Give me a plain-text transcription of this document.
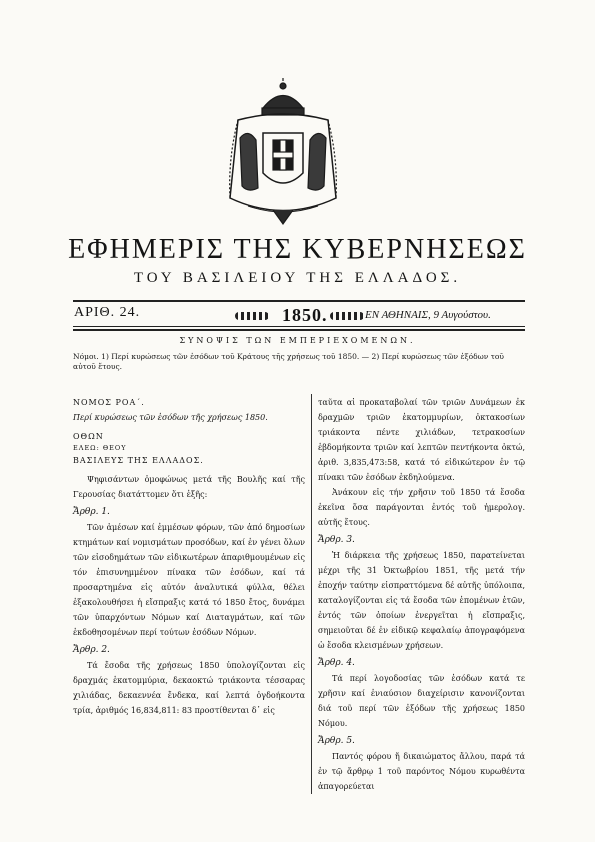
ΕΦΗΜΕΡΙΣ ΤΗΣ ΚΥΒΕΡΝΗΣΕΩΣ
ΤΟΥ ΒΑΣΙΛΕΙΟΥ ΤΗΣ ΕΛΛΑΔΟΣ.
ΑΡΙΘ. 24.	1850.	ΕΝ ΑΘΗΝΑΙΣ, 9 Αυγούστου.
ΣΥΝΟΨΙΣ ΤΩΝ ΕΜΠΕΡΙΕΧΟΜΕΝΩΝ.
Νόμοι. 1) Περί κυρώσεως τῶν ἐσόδων τοῦ Κράτους τῆς χρήσεως τοῦ 1850. — 2) Περί κυρώσεως τῶν ἐξόδων τοῦ αὐτοῦ ἔτους.

ΝΟΜΟΣ ΡΟΑ΄.

Περί κυρώσεως τῶν ἐσόδων τῆς χρήσεως 1850.

ΟΘΩΝ

ΕΛΕΩ: ΘΕΟΥ

ΒΑΣΙΛΕΥΣ ΤΗΣ ΕΛΛΑΔΟΣ.

Ψηφισάντων ὁμοφώνως μετά τῆς Βουλῆς καί τῆς Γερουσίας διατάττομεν ὅτι ἑξῆς:

Ἄρθρ. 1.

Τῶν ἀμέσων καί ἐμμέσων φόρων, τῶν ἀπό δημοσίων κτημάτων καί νομισμάτων προσόδων, καί ἐν γένει ὅλων τῶν εἰσοδημάτων τῶν εἰδικωτέρων ἀπαριθμουμένων εἰς τόν ἐπισυνημμένον πίνακα τῶν ἐσόδων, καί τά προσαρτημένα εἰς αὐτόν ἀναλυτικά φύλλα, θέλει ἐξακολουθήσει ἡ εἴσπραξις κατά τό 1850 ἔτος, δυνάμει τῶν ὑπαρχόντων Νόμων καί Διαταγμάτων, καί τῶν ἐκδοθησομένων περί τούτων ἐσόδων Νόμων.

Ἄρθρ. 2.

Τά ἔσοδα τῆς χρήσεως 1850 ὑπολογίζονται εἰς δραχμάς ἑκατομμύρια, δεκαοκτώ τριάκοντα τέσσαρας χιλιάδας, δεκαεννέα ἔνδεκα, καί λεπτά ὀγδοήκοντα τρία, ἀριθμός 16,834,811: 83 προστίθενται δ᾽ εἰς

ταῦτα αἱ προκαταβολαί τῶν τριῶν Δυνάμεων ἐκ δραχμῶν τριῶν ἑκατομμυρίων, ὀκτακοσίων τριάκοντα πέντε χιλιάδων, τετρακοσίων ἑβδομήκοντα τριῶν καί λεπτῶν πεντήκοντα ὀκτώ, ἀριθ. 3,835,473:58, κατά τό εἰδικώτερον ἐν τῷ πίνακι τῶν ἐσόδων ἐκδηλούμενα.

Ἀνάκουν εἰς τήν χρῆσιν τοῦ 1850 τά ἔσοδα ἐκεῖνα ὅσα παράγονται ἐντός τοῦ ἡμερολογ. αὐτῆς ἔτους.

Ἄρθρ. 3.

Ἡ διάρκεια τῆς χρήσεως 1850, παρατείνεται μέχρι τῆς 31 Ὀκτωβρίου 1851, τῆς μετά τήν ἐποχήν ταύτην εἰσπραττόμενα δέ αὐτῆς ὑπόλοιπα, καταλογίζονται εἰς τά ἔσοδα τῶν ἑπομένων ἐτῶν, ἐντός τῶν ὁποίων ἐνεργεῖται ἡ εἴσπραξις, σημειοῦται δέ ἐν εἰδικῷ κεφαλαίῳ ἀπογραφόμενα ὡ ἔσοδα κλεισμένων χρήσεων.

Ἄρθρ. 4.

Τά περί λογοδοσίας τῶν ἐσόδων κατά τε χρῆσιν καί ἐνιαύσιον διαχείρισιν κανονίζονται διά τοῦ περί τῶν ἐξόδων τῆς χρήσεως 1850 Νόμου.

Ἄρθρ. 5.

Παντός φόρου ἤ δικαιώματος ἄλλου, παρά τά ἐν τῷ ἄρθρῳ 1 τοῦ παρόντος Νόμου κυρωθέντα ἀπαγορεύεται
